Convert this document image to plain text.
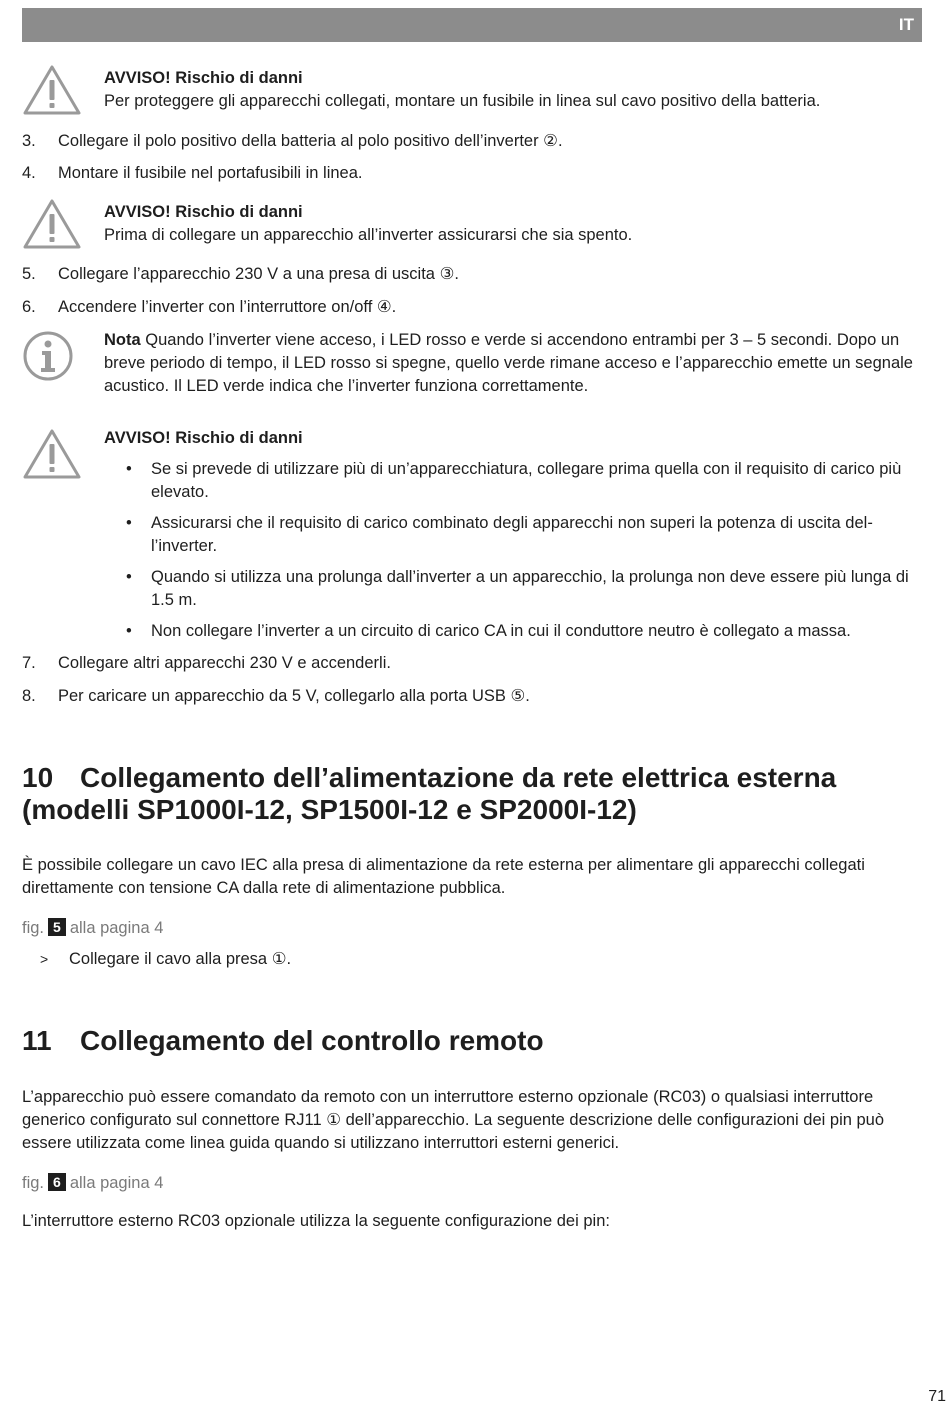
IT
AVVISO! Rischio di danni
Per proteggere gli apparecchi collegati, montare un fusibile in linea sul cavo positivo della batteria.
3. Collegare il polo positivo della batteria al polo positivo dell’inverter ②.
4. Montare il fusibile nel portafusibili in linea.
AVVISO! Rischio di danni
Prima di collegare un apparecchio all’inverter assicurarsi che sia spento.
5. Collegare l’apparecchio 230 V a una presa di uscita ③.
6. Accendere l’inverter con l’interruttore on/off ④.
Nota Quando l’inverter viene acceso, i LED rosso e verde si accendono entrambi per 3 – 5 secondi. Dopo un breve periodo di tempo, il LED rosso si spegne, quello verde rimane acceso e l’apparecchio emette un segnale acustico. Il LED verde indica che l’inverter funziona correttamente.
AVVISO! Rischio di danni
• Se si prevede di utilizzare più di un’apparecchiatura, collegare prima quella con il requisito di carico più elevato.
• Assicurarsi che il requisito di carico combinato degli apparecchi non superi la potenza di uscita dell’inverter.
• Quando si utilizza una prolunga dall’inverter a un apparecchio, la prolunga non deve essere più lunga di 1.5 m.
• Non collegare l’inverter a un circuito di carico CA in cui il conduttore neutro è collegato a massa.
7. Collegare altri apparecchi 230 V e accenderli.
8. Per caricare un apparecchio da 5 V, collegarlo alla porta USB ⑤.
10 Collegamento dell’alimentazione da rete elettrica esterna (modelli SP1000I-12, SP1500I-12 e SP2000I-12)
È possibile collegare un cavo IEC alla presa di alimentazione da rete esterna per alimentare gli apparecchi collegati direttamente con tensione CA dalla rete di alimentazione pubblica.
fig. 5 alla pagina 4
> Collegare il cavo alla presa ①.
11 Collegamento del controllo remoto
L’apparecchio può essere comandato da remoto con un interruttore esterno opzionale (RC03) o qualsiasi interruttore generico configurato sul connettore RJ11 ① dell’apparecchio. La seguente descrizione delle configurazioni dei pin può essere utilizzata come linea guida quando si utilizzano interruttori esterni generici.
fig. 6 alla pagina 4
L’interruttore esterno RC03 opzionale utilizza la seguente configurazione dei pin:
71
